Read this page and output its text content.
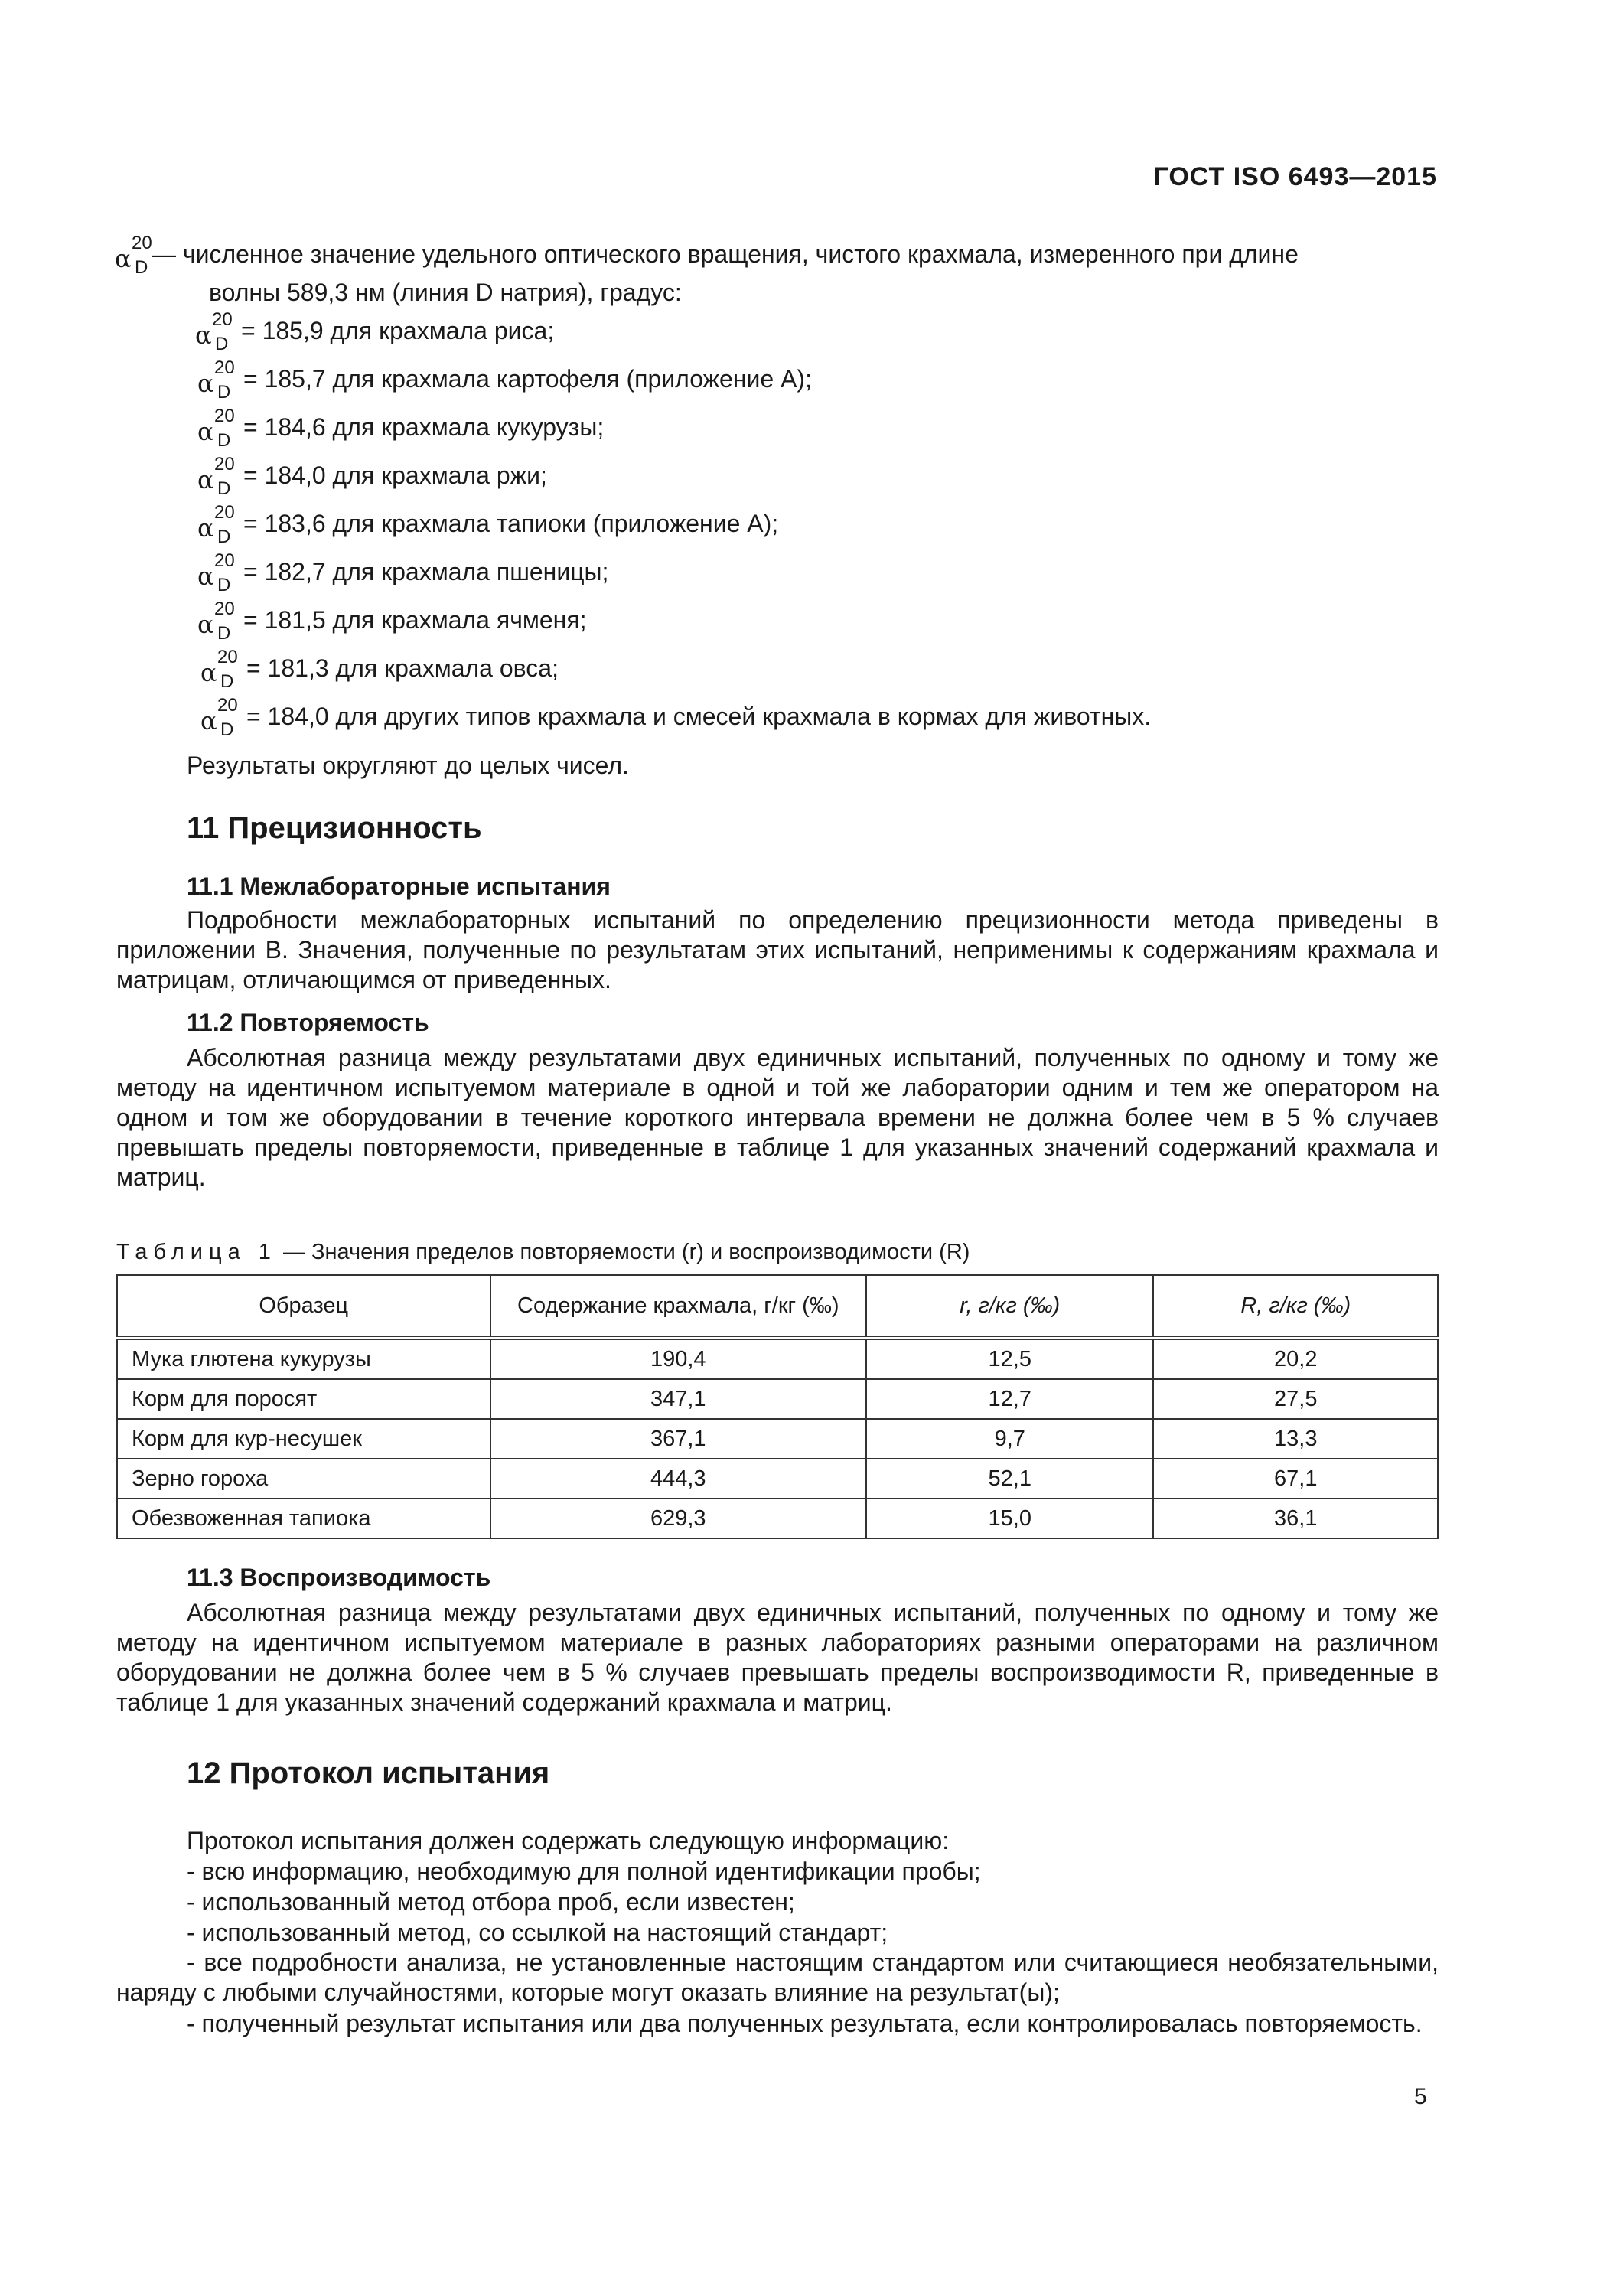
ГОСТ ISO 6493—2015
α
20
D — численное значение удельного оптического вращения, чистого крахмала, измеренного при длине
волны 589,3 нм (линия D натрия), градус:
α
20
D = 185,9 для крахмала риса;
α
20
D = 185,7 для крахмала картофеля (приложение А);
α
20
D = 184,6 для крахмала кукурузы;
α
20
D = 184,0 для крахмала ржи;
α
20
D = 183,6 для крахмала тапиоки (приложение А);
α
20
D = 182,7 для крахмала пшеницы;
α
20
D = 181,5 для крахмала ячменя;
α
20
D = 181,3 для крахмала овса;
α
20
D = 184,0 для других типов крахмала и смесей крахмала в кормах для животных.
Результаты округляют до целых чисел.
11 Прецизионность
11.1 Межлабораторные испытания
Подробности межлабораторных испытаний по определению прецизионности метода приведены в приложении В. Значения, полученные по результатам этих испытаний, неприменимы к содержаниям крахмала и матрицам, отличающимся от приведенных.
11.2 Повторяемость
Абсолютная разница между результатами двух единичных испытаний, полученных по одному и тому же методу на идентичном испытуемом материале в одной и той же лаборатории одним и тем же оператором на одном и том же оборудовании в течение короткого интервала времени не должна более чем в 5 % случаев превышать пределы повторяемости, приведенные в таблице 1 для указанных значений содержаний крахмала и матриц.
Таблица 1 — Значения пределов повторяемости (r) и воспроизводимости (R)
Образец	Содержание крахмала, г/кг (‰)	r, г/кг (‰)	R, г/кг (‰)
Мука глютена кукурузы	190,4	12,5	20,2
Корм для поросят	347,1	12,7	27,5
Корм для кур-несушек	367,1	9,7	13,3
Зерно гороха	444,3	52,1	67,1
Обезвоженная тапиока	629,3	15,0	36,1
11.3 Воспроизводимость
Абсолютная разница между результатами двух единичных испытаний, полученных по одному и тому же методу на идентичном испытуемом материале в разных лабораториях разными операторами на различном оборудовании не должна более чем в 5 % случаев превышать пределы воспроизводимости R, приведенные в таблице 1 для указанных значений содержаний крахмала и матриц.
12 Протокол испытания
Протокол испытания должен содержать следующую информацию:
- всю информацию, необходимую для полной идентификации пробы;
- использованный метод отбора проб, если известен;
- использованный метод, со ссылкой на настоящий стандарт;
- все подробности анализа, не установленные настоящим стандартом или считающиеся необязательными, наряду с любыми случайностями, которые могут оказать влияние на результат(ы);
- полученный результат испытания или два полученных результата, если контролировалась повторяемость.
5
